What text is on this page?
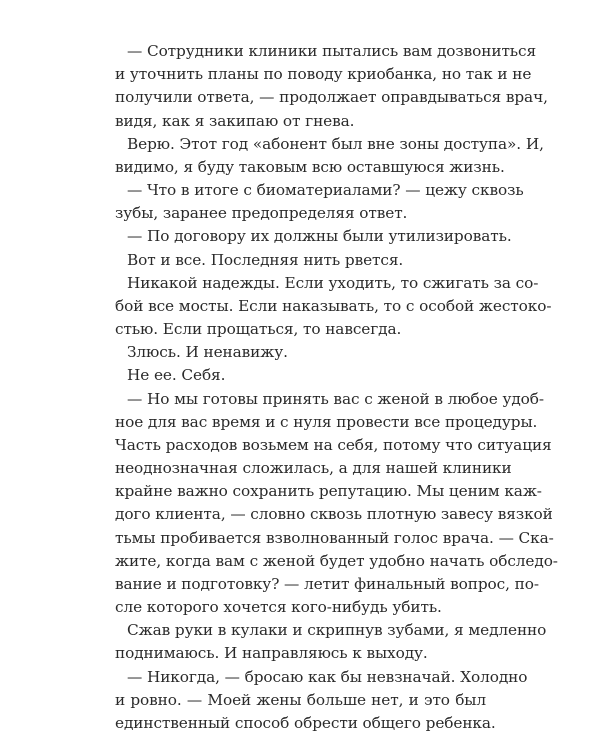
— Сотрудники клиники пытались вам дозвониться
и уточнить планы по поводу криобанка, но так и не
получили ответа, — продолжает оправдываться врач,
видя, как я закипаю от гнева.
Верю. Этот год «абонент был вне зоны доступа». И,
видимо, я буду таковым всю оставшуюся жизнь.
— Что в итоге с биоматериалами? — цежу сквозь
зубы, заранее предопределяя ответ.
— По договору их должны были утилизировать.
Вот и все. Последняя нить рвется.
Никакой надежды. Если уходить, то сжигать за со-
бой все мосты. Если наказывать, то с особой жестоко-
стью. Если прощаться, то навсегда.
Злюсь. И ненавижу.
Не ее. Себя.
— Но мы готовы принять вас с женой в любое удоб-
ное для вас время и с нуля провести все процедуры.
Часть расходов возьмем на себя, потому что ситуация
неоднозначная сложилась, а для нашей клиники
крайне важно сохранить репутацию. Мы ценим каж-
дого клиента, — словно сквозь плотную завесу вязкой
тьмы пробивается взволнованный голос врача. — Ска-
жите, когда вам с женой будет удобно начать обследо-
вание и подготовку? — летит финальный вопрос, по-
сле которого хочется кого-нибудь убить.
Сжав руки в кулаки и скрипнув зубами, я медленно
поднимаюсь. И направляюсь к выходу.
— Никогда, — бросаю как бы невзначай. Холодно
и ровно. — Моей жены больше нет, и это был
единственный способ обрести общего ребенка.
